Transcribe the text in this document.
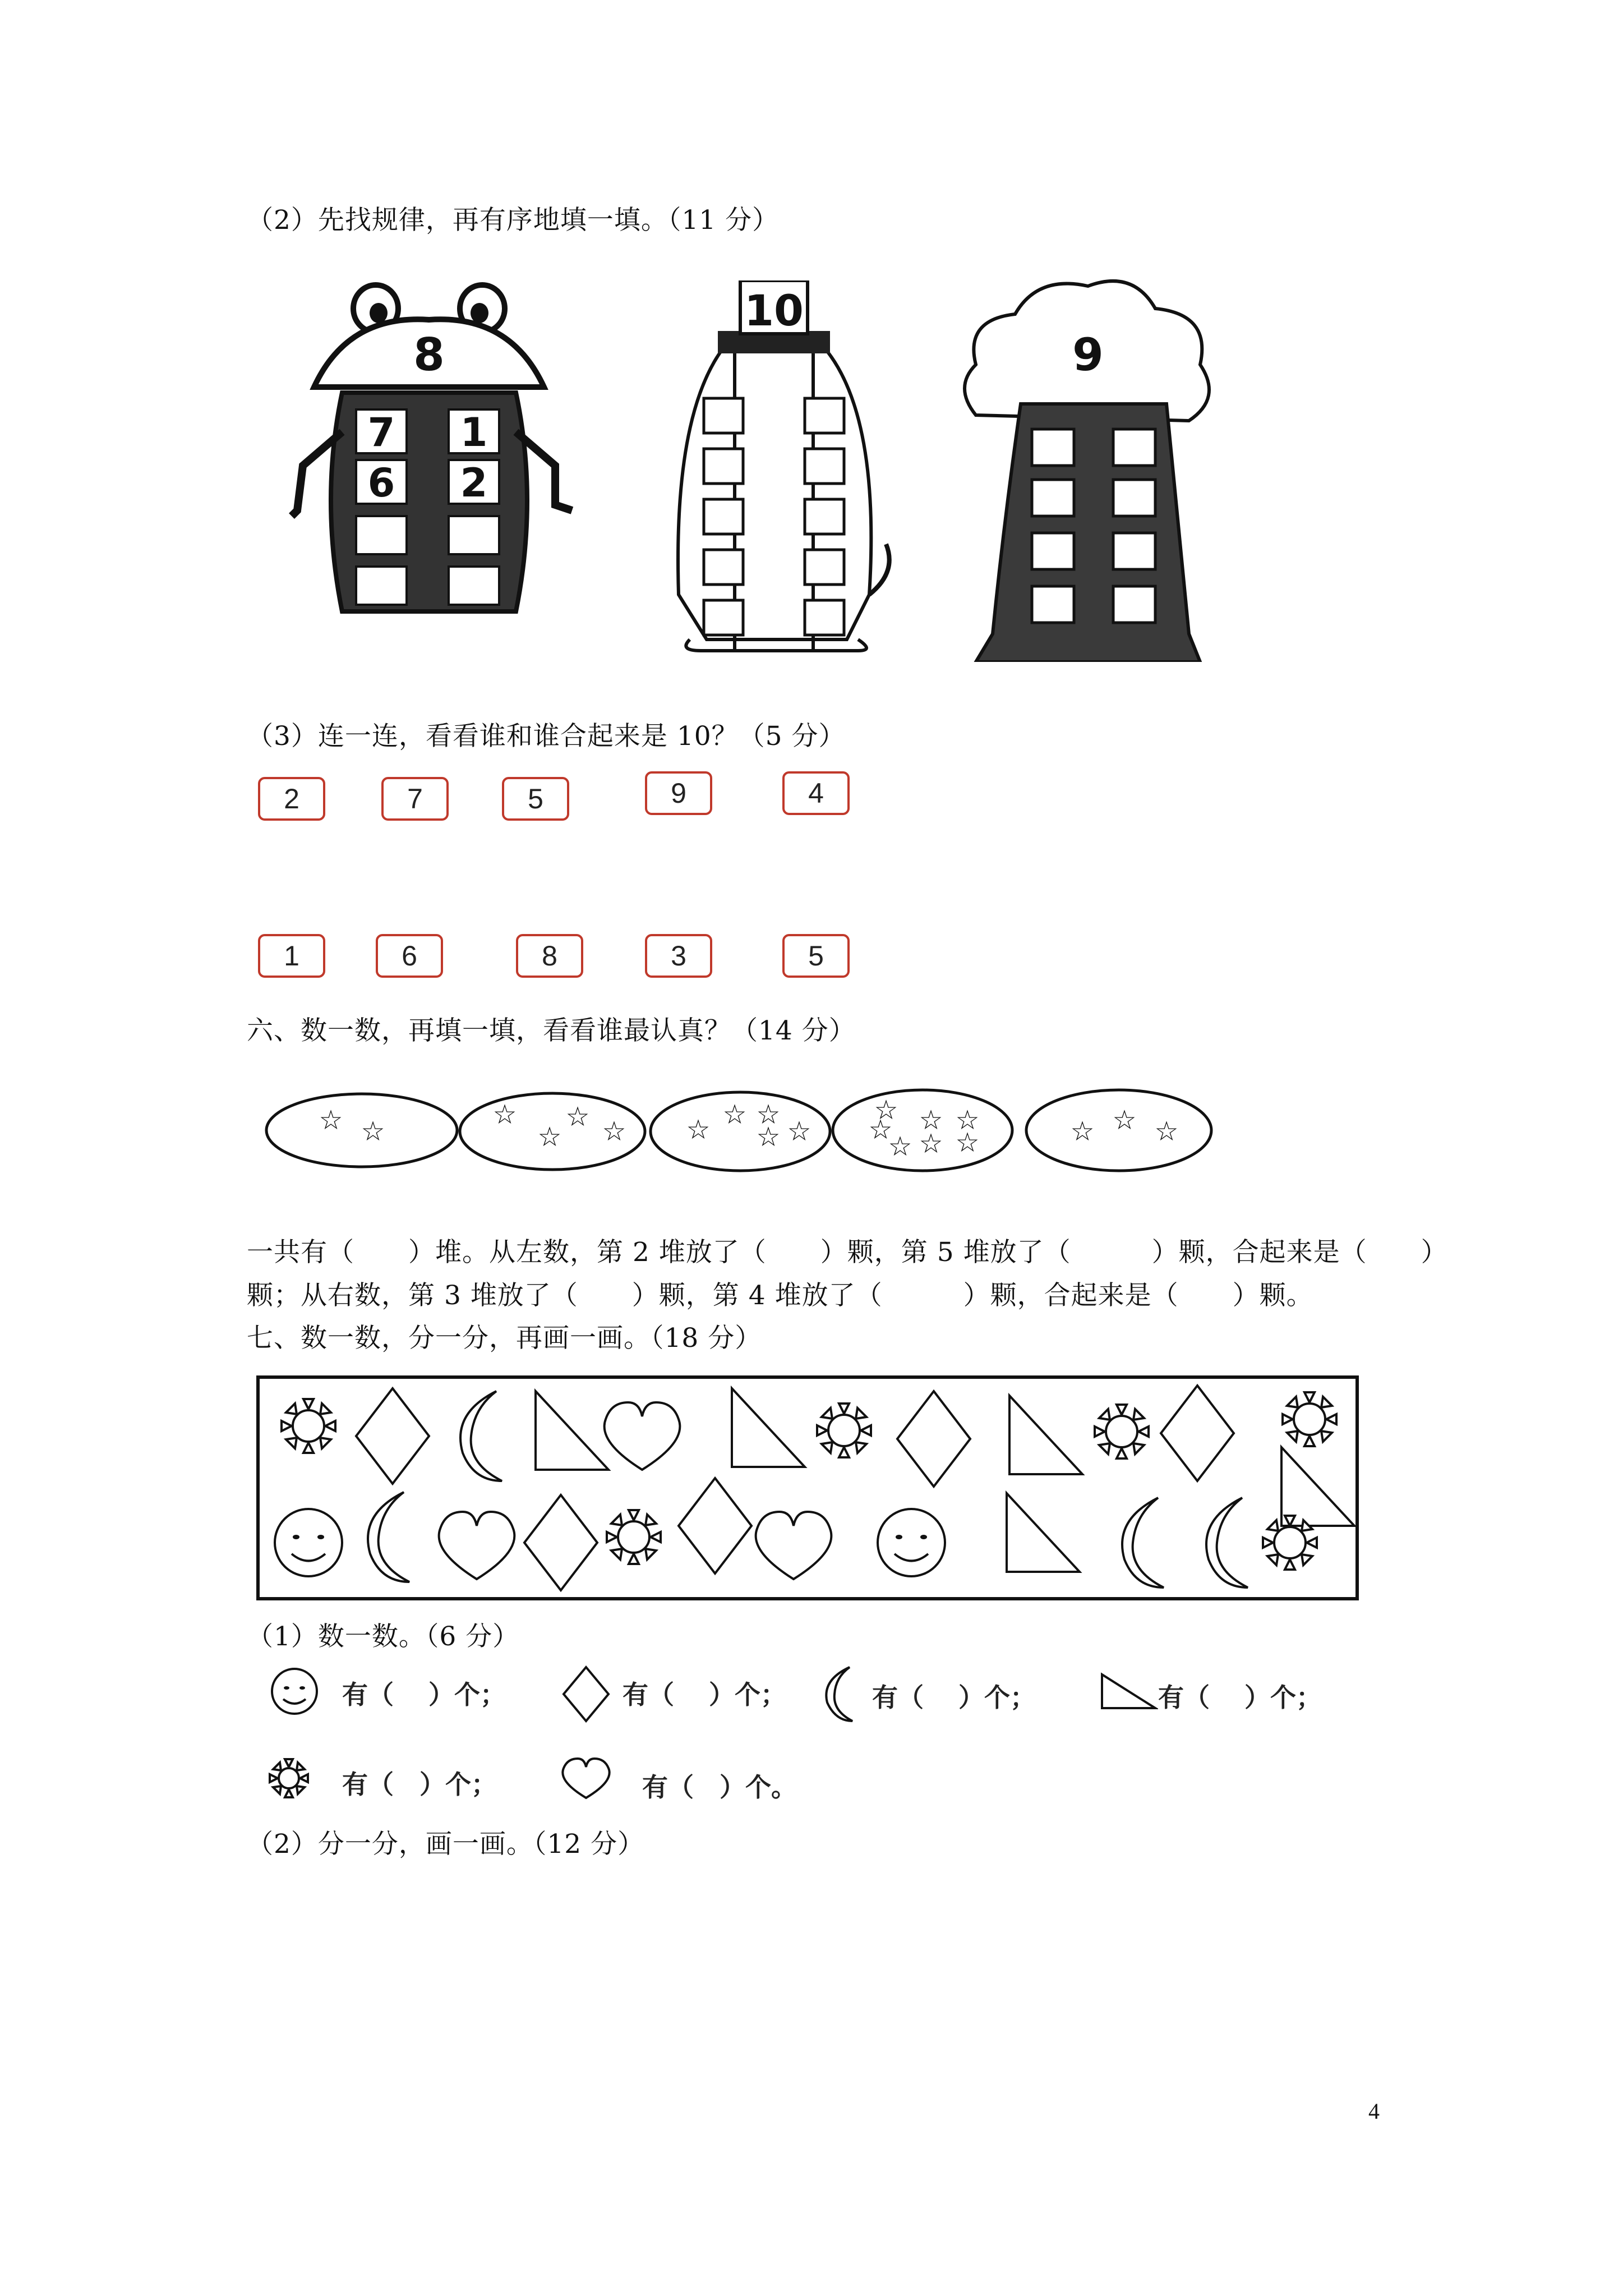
（2）先找规律，再有序地填一填。（11 分）
8
7 1
6 2
10
9
（3）连一连，看看谁和谁合起来是 10？（5 分）
2	7	5	9	4
1	6	8	3	5
六、数一数，再填一填，看看谁最认真？（14 分）
☆ ☆
☆
☆
☆ ☆ ☆ ☆ ☆
☆ ☆
☆
☆ ☆ ☆
☆ ☆ ☆	☆ ☆ ☆
一共有（　　）堆。从左数，第 2 堆放了（　　）颗，第 5 堆放了（　　　）颗，合起来是（　　）
颗；从右数，第 3 堆放了（　　）颗，第 4 堆放了（　　　）颗，合起来是（　　）颗。
七、数一数，分一分，再画一画。（18 分）
（1）数一数。（6 分）
有（　 ）个；	有（　 ）个；	有（　 ）个；	有（　 ）个；
有（　）个；	有（　）个。
（2）分一分，画一画。（12 分）
4
